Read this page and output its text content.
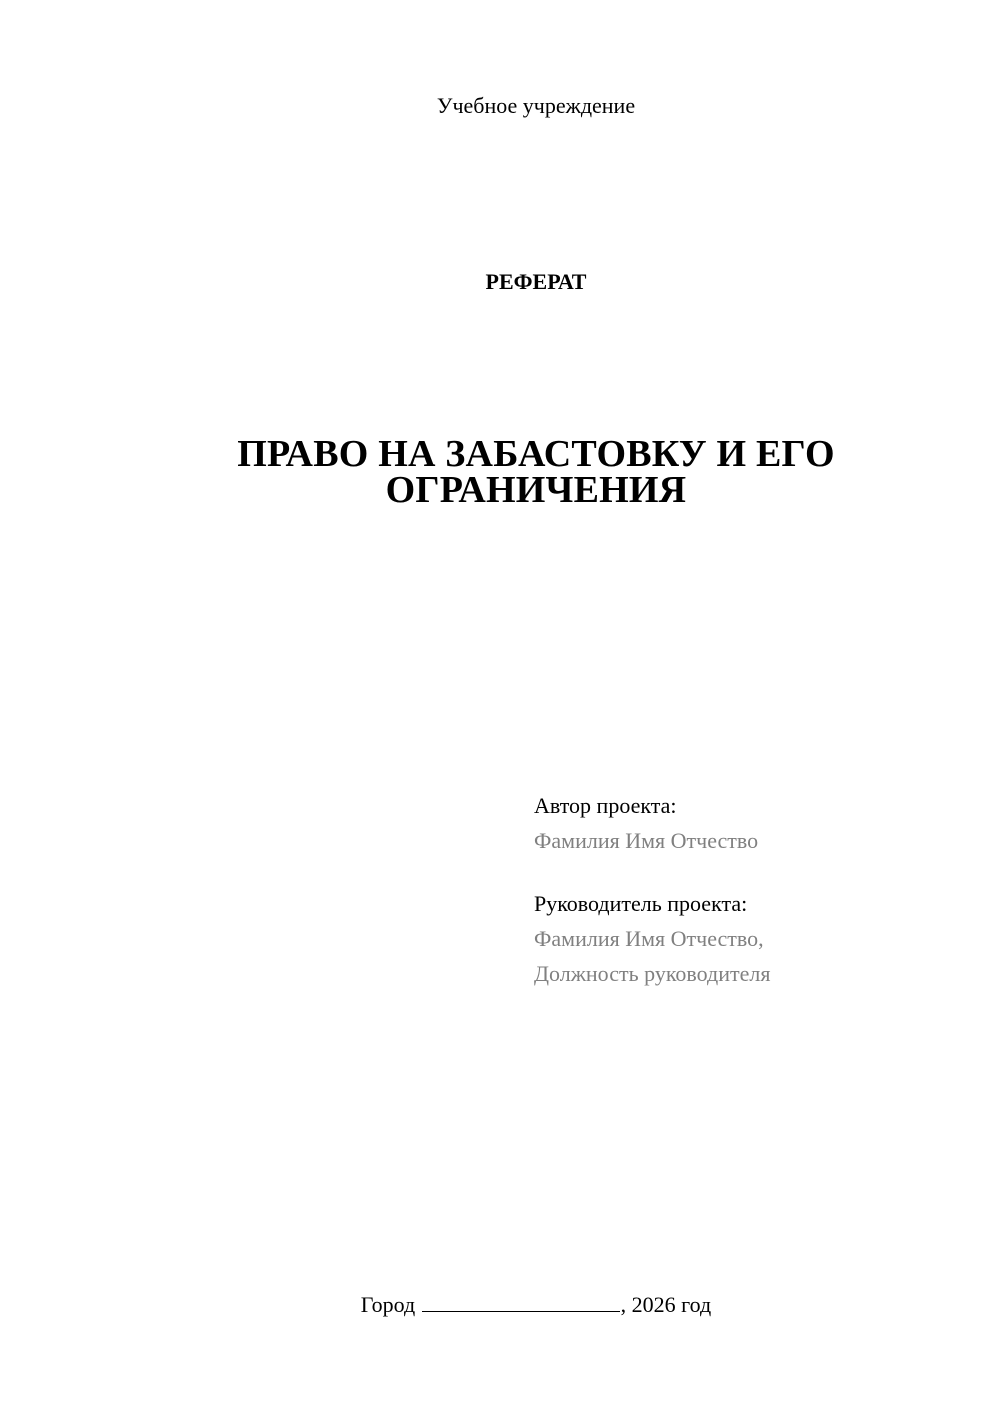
Учебное учреждение
РЕФЕРАТ
ПРАВО НА ЗАБАСТОВКУ И ЕГО
ОГРАНИЧЕНИЯ
Автор проекта:
Фамилия Имя Отчество
Руководитель проекта:
Фамилия Имя Отчество,
Должность руководителя
Город	, 2026 год
